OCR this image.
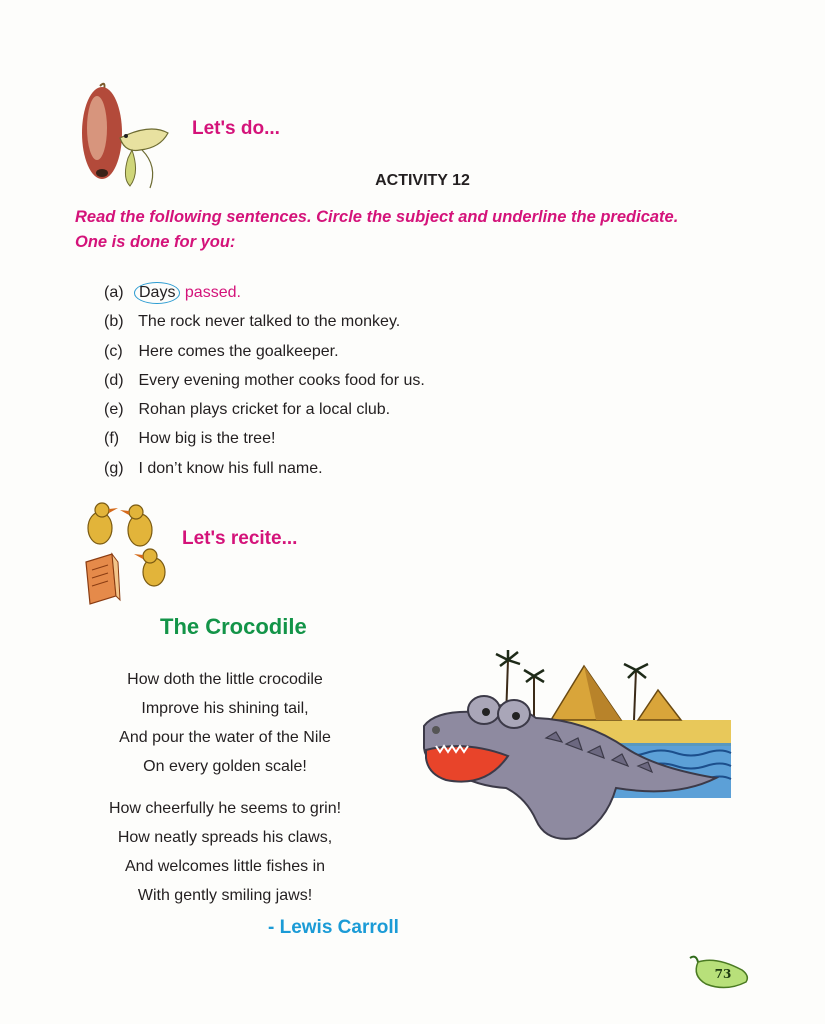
Let's do...
ACTIVITY 12
Read the following sentences. Circle the subject and underline the predicate.
One is done for you:
(a) Days passed.
(b) The rock never talked to the monkey.
(c) Here comes the goalkeeper.
(d) Every evening mother cooks food for us.
(e) Rohan plays cricket for a local club.
(f) How big is the tree!
(g) I don’t know his full name.
Let's recite...
The Crocodile
How doth the little crocodile
Improve his shining tail,
And pour the water of the Nile
On every golden scale!
How cheerfully he seems to grin!
How neatly spreads his claws,
And welcomes little fishes in
With gently smiling jaws!
- Lewis Carroll
73
